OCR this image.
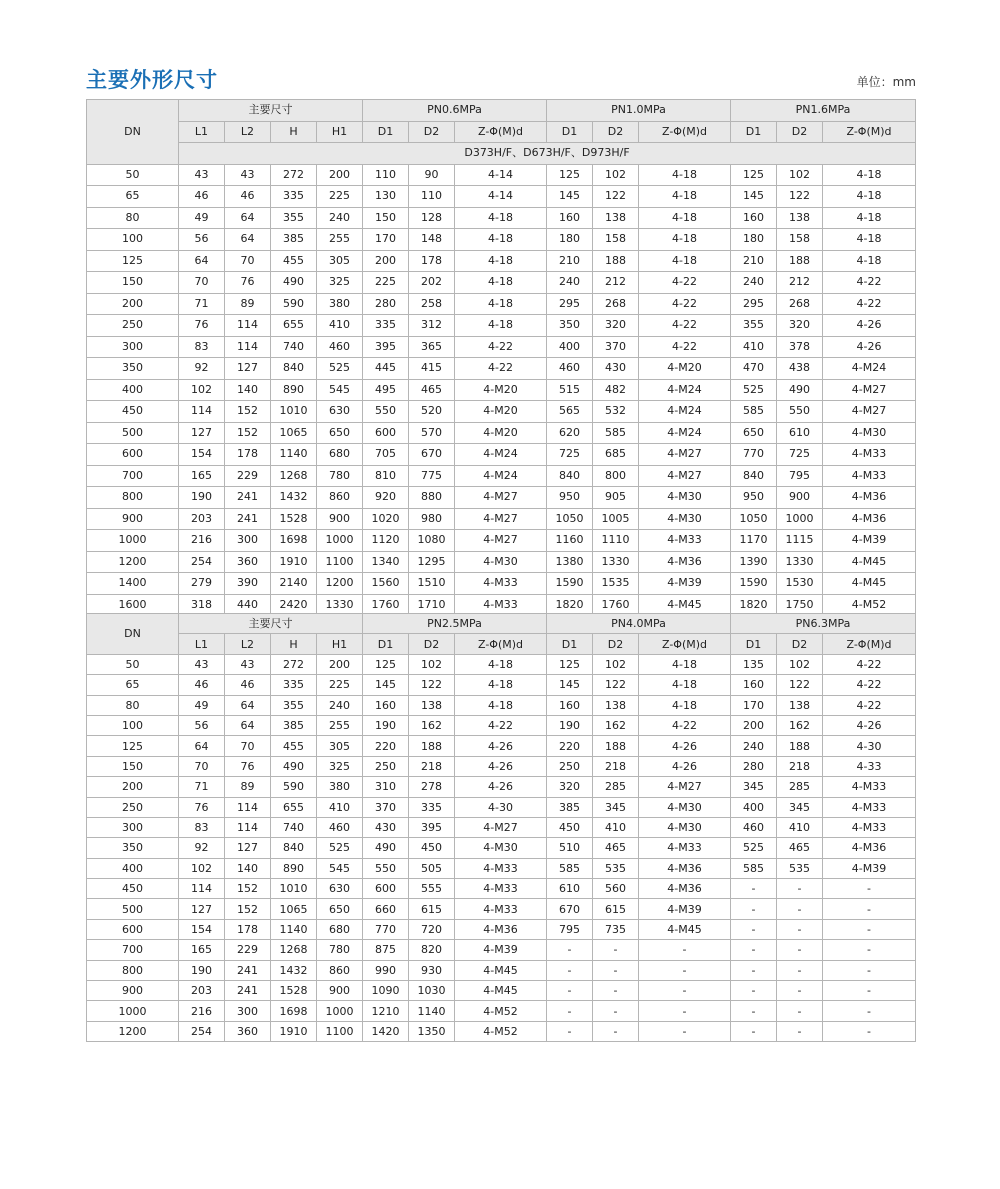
主要外形尺寸	单位：mm
DN	主要尺寸				PN0.6MPa			PN1.0MPa			PN1.6MPa		
	L1	L2	H	H1	D1	D2	Z-Φ(M)d	D1	D2	Z-Φ(M)d	D1	D2	Z-Φ(M)d
	D373H/F、D673H/F、D973H/F												
50	43	43	272	200	110	90	4-14	125	102	4-18	125	102	4-18
65	46	46	335	225	130	110	4-14	145	122	4-18	145	122	4-18
80	49	64	355	240	150	128	4-18	160	138	4-18	160	138	4-18
100	56	64	385	255	170	148	4-18	180	158	4-18	180	158	4-18
125	64	70	455	305	200	178	4-18	210	188	4-18	210	188	4-18
150	70	76	490	325	225	202	4-18	240	212	4-22	240	212	4-22
200	71	89	590	380	280	258	4-18	295	268	4-22	295	268	4-22
250	76	114	655	410	335	312	4-18	350	320	4-22	355	320	4-26
300	83	114	740	460	395	365	4-22	400	370	4-22	410	378	4-26
350	92	127	840	525	445	415	4-22	460	430	4-M20	470	438	4-M24
400	102	140	890	545	495	465	4-M20	515	482	4-M24	525	490	4-M27
450	114	152	1010	630	550	520	4-M20	565	532	4-M24	585	550	4-M27
500	127	152	1065	650	600	570	4-M20	620	585	4-M24	650	610	4-M30
600	154	178	1140	680	705	670	4-M24	725	685	4-M27	770	725	4-M33
700	165	229	1268	780	810	775	4-M24	840	800	4-M27	840	795	4-M33
800	190	241	1432	860	920	880	4-M27	950	905	4-M30	950	900	4-M36
900	203	241	1528	900	1020	980	4-M27	1050	1005	4-M30	1050	1000	4-M36
1000	216	300	1698	1000	1120	1080	4-M27	1160	1110	4-M33	1170	1115	4-M39
1200	254	360	1910	1100	1340	1295	4-M30	1380	1330	4-M36	1390	1330	4-M45
1400	279	390	2140	1200	1560	1510	4-M33	1590	1535	4-M39	1590	1530	4-M45
1600	318	440	2420	1330	1760	1710	4-M33	1820	1760	4-M45	1820	1750	4-M52
DN	主要尺寸				PN2.5MPa			PN4.0MPa			PN6.3MPa		
	L1	L2	H	H1	D1	D2	Z-Φ(M)d	D1	D2	Z-Φ(M)d	D1	D2	Z-Φ(M)d
50	43	43	272	200	125	102	4-18	125	102	4-18	135	102	4-22
65	46	46	335	225	145	122	4-18	145	122	4-18	160	122	4-22
80	49	64	355	240	160	138	4-18	160	138	4-18	170	138	4-22
100	56	64	385	255	190	162	4-22	190	162	4-22	200	162	4-26
125	64	70	455	305	220	188	4-26	220	188	4-26	240	188	4-30
150	70	76	490	325	250	218	4-26	250	218	4-26	280	218	4-33
200	71	89	590	380	310	278	4-26	320	285	4-M27	345	285	4-M33
250	76	114	655	410	370	335	4-30	385	345	4-M30	400	345	4-M33
300	83	114	740	460	430	395	4-M27	450	410	4-M30	460	410	4-M33
350	92	127	840	525	490	450	4-M30	510	465	4-M33	525	465	4-M36
400	102	140	890	545	550	505	4-M33	585	535	4-M36	585	535	4-M39
450	114	152	1010	630	600	555	4-M33	610	560	4-M36	-	-	-
500	127	152	1065	650	660	615	4-M33	670	615	4-M39	-	-	-
600	154	178	1140	680	770	720	4-M36	795	735	4-M45	-	-	-
700	165	229	1268	780	875	820	4-M39	-	-	-	-	-	-
800	190	241	1432	860	990	930	4-M45	-	-	-	-	-	-
900	203	241	1528	900	1090	1030	4-M45	-	-	-	-	-	-
1000	216	300	1698	1000	1210	1140	4-M52	-	-	-	-	-	-
1200	254	360	1910	1100	1420	1350	4-M52	-	-	-	-	-	-
